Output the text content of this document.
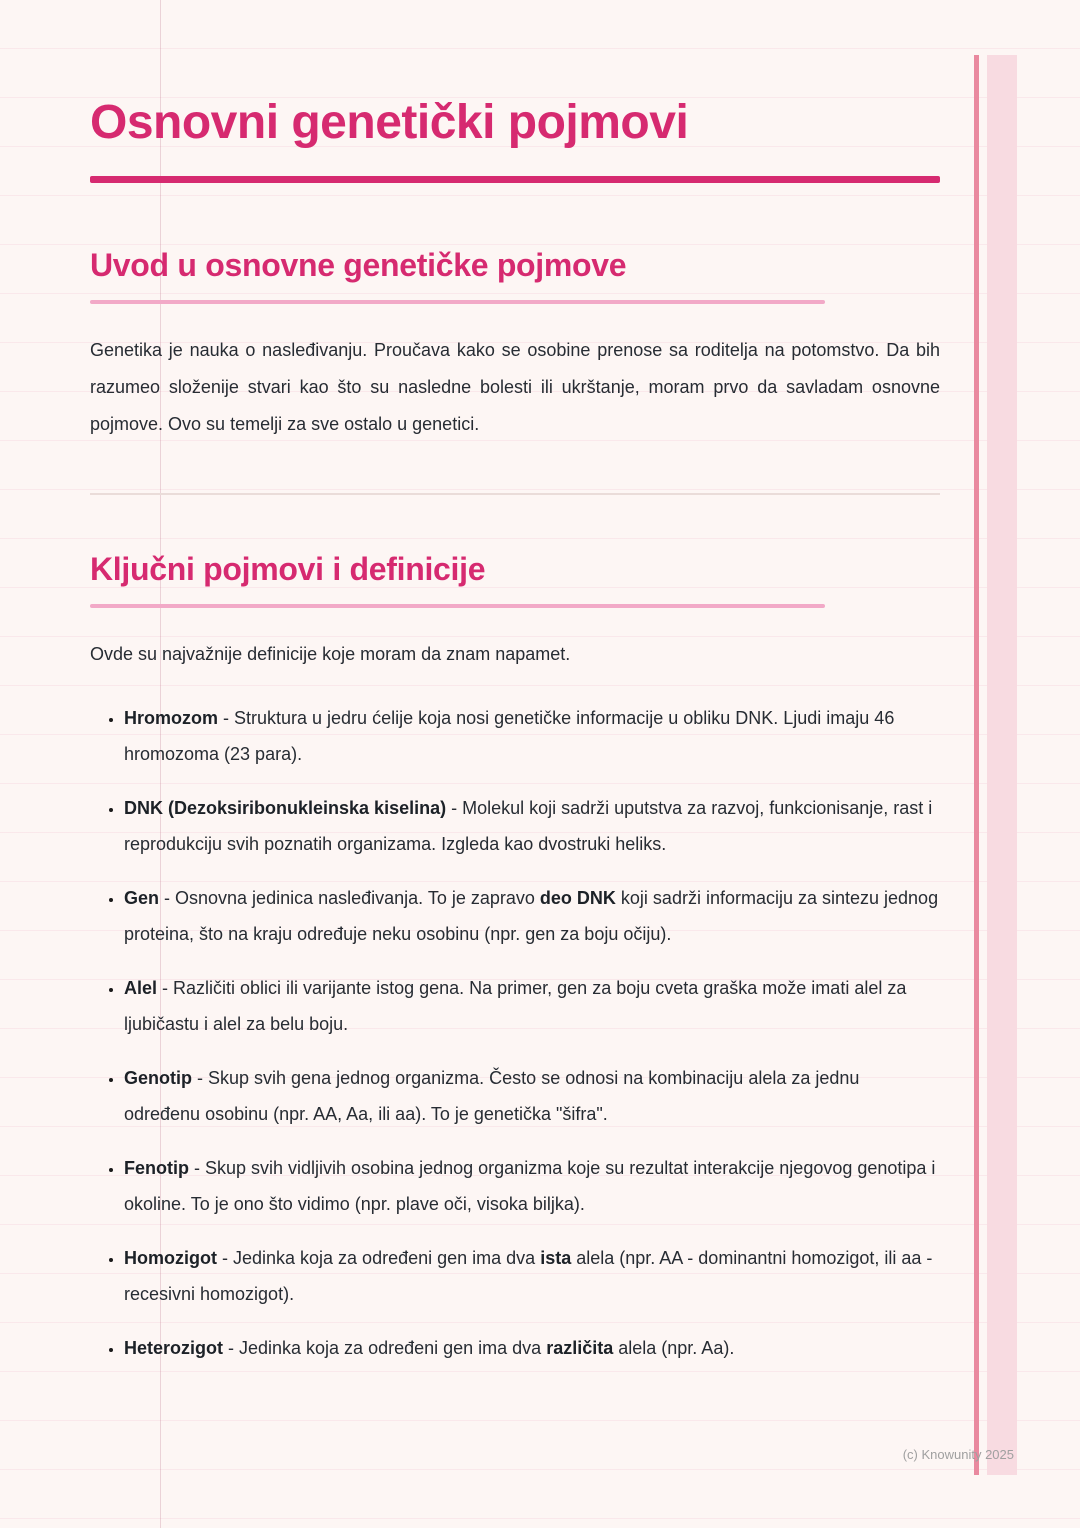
Osnovni genetički pojmovi
Uvod u osnovne genetičke pojmove

Genetika je nauka o nasleđivanju. Proučava kako se osobine prenose sa roditelja na potomstvo. Da bih razumeo složenije stvari kao što su nasledne bolesti ili ukrštanje, moram prvo da savladam osnovne pojmove. Ovo su temelji za sve ostalo u genetici.

Ključni pojmovi i definicije

Ovde su najvažnije definicije koje moram da znam napamet.

• Hromozom - Struktura u jedru ćelije koja nosi genetičke informacije u obliku DNK. Ljudi imaju 46 hromozoma (23 para).
• DNK (Dezoksiribonukleinska kiselina) - Molekul koji sadrži uputstva za razvoj, funkcionisanje, rast i reprodukciju svih poznatih organizama. Izgleda kao dvostruki heliks.
• Gen - Osnovna jedinica nasleđivanja. To je zapravo deo DNK koji sadrži informaciju za sintezu jednog proteina, što na kraju određuje neku osobinu (npr. gen za boju očiju).
• Alel - Različiti oblici ili varijante istog gena. Na primer, gen za boju cveta graška može imati alel za ljubičastu i alel za belu boju.
• Genotip - Skup svih gena jednog organizma. Često se odnosi na kombinaciju alela za jednu određenu osobinu (npr. AA, Aa, ili aa). To je genetička "šifra".
• Fenotip - Skup svih vidljivih osobina jednog organizma koje su rezultat interakcije njegovog genotipa i okoline. To je ono što vidimo (npr. plave oči, visoka biljka).
• Homozigot - Jedinka koja za određeni gen ima dva ista alela (npr. AA - dominantni homozigot, ili aa - recesivni homozigot).
• Heterozigot - Jedinka koja za određeni gen ima dva različita alela (npr. Aa).
(c) Knowunity 2025
